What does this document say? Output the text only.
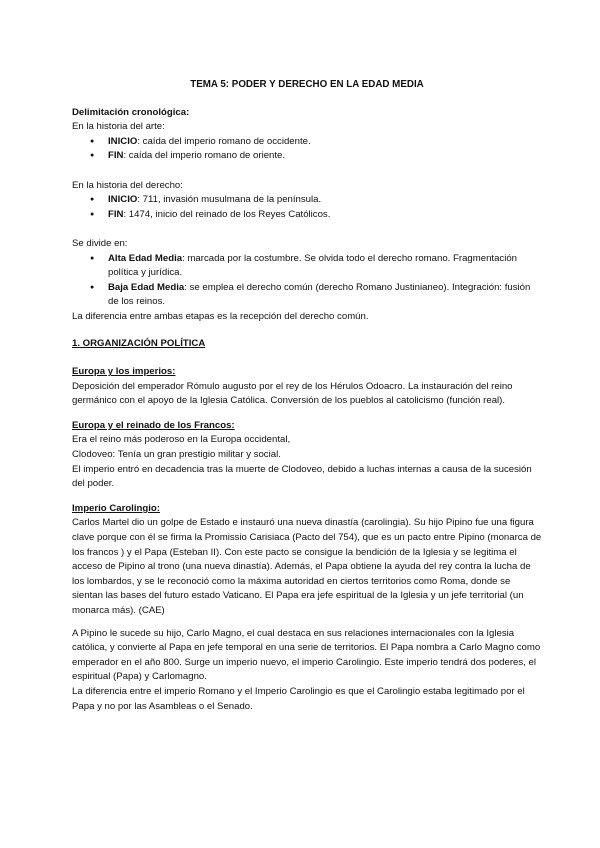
TEMA 5: PODER Y DERECHO EN LA EDAD MEDIA

Delimitación cronológica:

En la historia del arte:

● INICIO: caída del imperio romano de occidente.
● FIN: caída del imperio romano de oriente.

En la historia del derecho:

● INICIO: 711, invasión musulmana de la península.
● FIN: 1474, inicio del reinado de los Reyes Católicos.

Se divide en:

● Alta Edad Media: marcada por la costumbre. Se olvida todo el derecho romano. Fragmentación política y jurídica.
● Baja Edad Media: se emplea el derecho común (derecho Romano Justinianeo). Integración: fusión de los reinos.

La diferencia entre ambas etapas es la recepción del derecho común.

1. ORGANIZACIÓN POLÍTICA

Europa y los imperios:

Deposición del emperador Rómulo augusto por el rey de los Hérulos Odoacro. La instauración del reino germánico con el apoyo de la Iglesia Católica. Conversión de los pueblos al catolicismo (función real).

Europa y el reinado de los Francos:

Era el reino más poderoso en la Europa occidental,

Clodoveo: Tenía un gran prestigio militar y social.

El imperio entró en decadencia tras la muerte de Clodoveo, debido a luchas internas a causa de la sucesión del poder.

Imperio Carolingio:

Carlos Martel dio un golpe de Estado e instauró una nueva dinastía (carolingia). Su hijo Pipino fue una figura clave porque con él se firma la Promissio Carisiaca (Pacto del 754), que es un pacto entre Pipino (monarca de los francos ) y el Papa (Esteban II). Con este pacto se consigue la bendición de la Iglesia y se legitima el acceso de Pipino al trono (una nueva dinastía). Además, el Papa obtiene la ayuda del rey contra la lucha de los lombardos, y se le reconoció como la máxima autoridad en ciertos territorios como Roma, donde se sientan las bases del futuro estado Vaticano. El Papa era jefe espiritual de la Iglesia y un jefe territorial (un monarca más). (CAE)

A Pipino le sucede su hijo, Carlo Magno, el cual destaca en sus relaciones internacionales con la Iglesia católica, y convierte al Papa en jefe temporal en una serie de territorios. El Papa nombra a Carlo Magno como emperador en el año 800. Surge un imperio nuevo, el imperio Carolingio. Este imperio tendrá dos poderes, el espiritual (Papa) y Carlomagno.

La diferencia entre el imperio Romano y el Imperio Carolingio es que el Carolingio estaba legitimado por el Papa y no por las Asambleas o el Senado.
